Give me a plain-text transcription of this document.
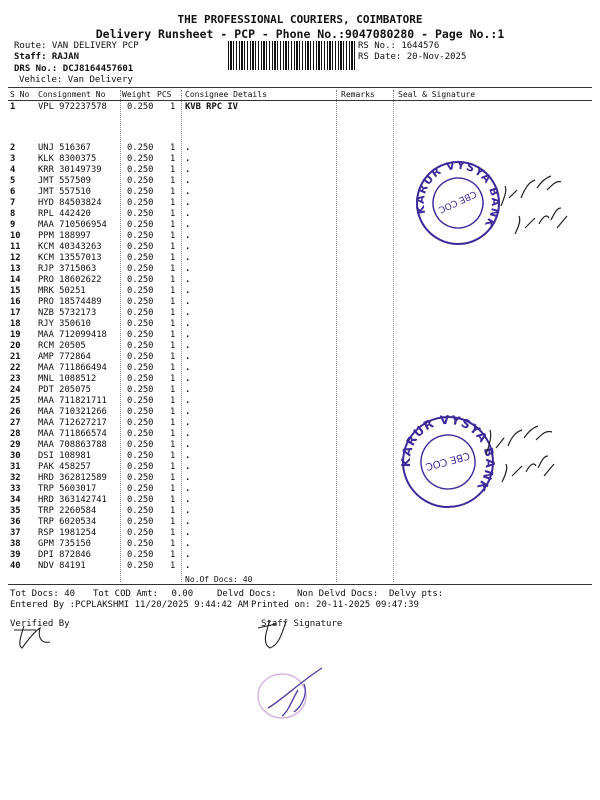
THE PROFESSIONAL COURIERS, COIMBATORE
Delivery Runsheet - PCP - Phone No.:9047080280 - Page No.:1
Route: VAN DELIVERY PCP
Staff: RAJAN
DRS No.: DCJ8164457601
Vehicle: Van Delivery
RS No.: 1644576
RS Date: 20-Nov-2025
S No Consignment No Weight PCS Consignee Details	Remarks	Seal & Signature
1	VPL 972237578 0.250 1 KVB RPC IV
2	UNJ 516367	0.250 1 .
3	KLK 8300375	0.250 1 .
4	KRR 30149739	0.250 1 .
5	JMT 557509	0.250 1 .
6	JMT 557510	0.250 1 .
7	HYD 84503824	0.250 1 .
8	RPL 442420	0.250 1 .
9	MAA 710506954 0.250 1 .
10 PPM 188997	0.250 1 .
11 KCM 40343263	0.250 1 .
12 KCM 13557013	0.250 1 .
13 RJP 3715063	0.250 1 .
14 PRO 18602622	0.250 1 .
15 MRK 50251	0.250 1 .
16 PRO 18574489	0.250 1 .
17 NZB 5732173	0.250 1 .
18 RJY 350610	0.250 1 .
19 MAA 712099418 0.250 1 .
20 RCM 20505	0.250 1 .
21 AMP 772864	0.250 1 .
22 MAA 711866494 0.250 1 .
23 MNL 1088512	0.250 1 .
24 PDT 205075	0.250 1 .
25 MAA 711821711 0.250 1 .
26 MAA 710321266 0.250 1 .
27 MAA 712627217 0.250 1 .
28 MAA 711866574 0.250 1 .
29 MAA 708863788 0.250 1 .
30 DSI 108981	0.250 1 .
31 PAK 458257	0.250 1 .
32 HRD 362812589 0.250 1 .
33 TRP 5603017	0.250 1 .
34 HRD 363142741 0.250 1 .
35 TRP 2260584	0.250 1 .
36 TRP 6020534	0.250 1 .
37 RSP 1981254	0.250 1 .
38 GPM 735150	0.250 1 .
39 DPI 872846	0.250 1 .
40 NDV 84191	0.250 1 .
No.Of Docs: 40
Tot Docs: 40 Tot COD Amt: 0.00	Delvd Docs: Non Delvd Docs: Delvy pts:
Entered By :PCPLAKSHMI 11/20/2025 9:44:42 AM Printed on: 20-11-2025 09:47:39
Verified By	Staff Signature
KARUR VYSYA BANK
CBE COC
KARUR VYSYA BANK
CBE COC
